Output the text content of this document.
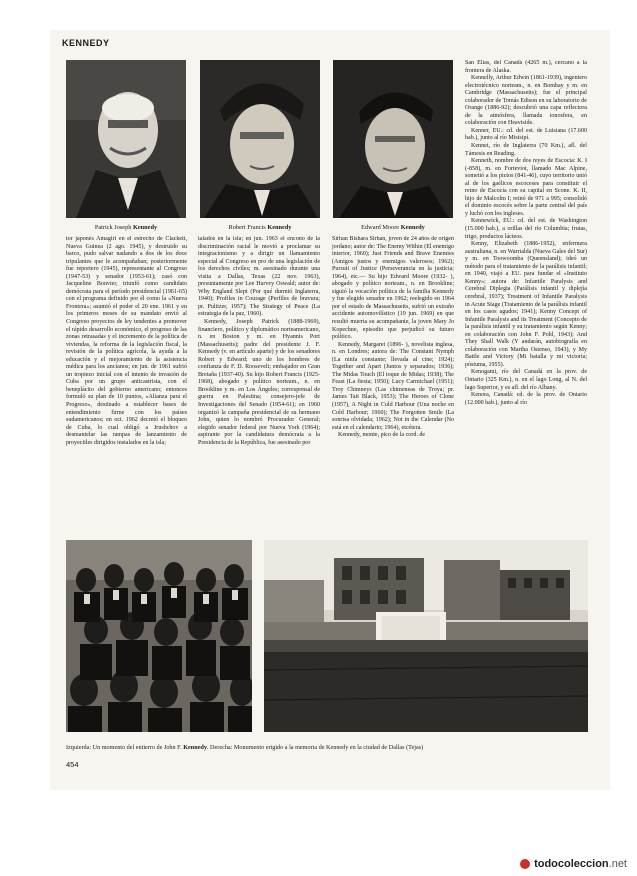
KENNEDY
Patrick Joseph Kennedy	Robert Francis Kennedy	Edward Moore Kennedy

tor japonés Amagiri en el estrecho de Clackett, Nueva Guinea (2 ago. 1945), y destruido su barco, pudo salvar nadando a dos de los doce tripulantes que le acompañaban; posteriormente fue reportero (1945), representante al Congreso (1947-53) y senador (1953-61); casó con Jacqueline Bouvier, triunfó como candidato demócrata para el período presidencial (1961-65) con el programa definido por él como la «Nueva Frontera»; asumió el poder el 20 ene. 1961 y en los primeros meses de su mandato envió al Congreso proyectos de ley tendentes a promover el rápido desarrollo económico, el progreso de las zonas retrasadas y el incremento de la política de viviendas, la reforma de la legislación fiscal, la revisión de la política agrícola, la ayuda a la educación y el mejoramiento de la asistencia médica para los ancianos; en jun. de 1961 sufrió un tropiezo inicial con el intento de invasión de Cuba por un grupo anticastrista, con el beneplácito del gobierno americano; entonces formuló su plan de 10 puntos, «Alianza para el Progreso», destinado a establecer bases de entendimiento firme con los países sudamericanos; en oct. 1962 decretó el bloqueo de Cuba, lo cual obligó a Jrushchov a desmantelar las rampas de lanzamiento de proyectiles dirigidos instalados en la isla;

talados en la isla; en jun. 1963 el encono de la discriminación racial le movió a proclamar su integracionismo y a dirigir un llamamiento especial al Congreso en pro de una legislación de los derechos civiles; m. asesinado durante una visita a Dallas, Texas (22 nov. 1963), presuntamente por Lee Harvey Oswald; autor de: Why England Slept (Por qué durmió Inglaterra, 1940); Profiles in Courage (Perfiles de bravura; pr. Pulitzer, 1957); The Strategy of Peace (La estrategia de la paz, 1960).

Kennedy, Joseph Patrick (1888-1969), financiero, político y diplomático norteamericano, n. en Boston y m. en Hyannis Port (Massachusetts); padre del presidente J. F. Kennedy (v. en artículo aparte) y de los senadores Robert y Edward; uno de los hombres de confianza de F. D. Roosevelt; embajador en Gran Bretaña (1937-40). Su hijo Robert Francis (1925-1968), abogado y político norteam., n. en Brookline y m. en Los Ángeles; corresponsal de guerra en Palestina; consejero-jefe de Investigaciones del Senado (1954-61); en 1960 organizó la campaña presidencial de su hermano John, quien lo nombró Procurador General; elegido senador federal por Nueva York (1964); aspirante por la candidatura demócrata a la Presidencia de la República, fue asesinado por

Sirhan Bishara Sirhan, joven de 24 años de origen jordano; autor de: The Enemy Within (El enemigo interior, 1960); Just Friends and Brave Enemies (Amigos justos y enemigos valerosos; 1962); Pursuit of Justice (Perseverancia en la justicia; 1964), etc.— Su hijo Edward Moore (1932- ), abogado y político norteam., n. en Brookline; siguió la vocación política de la familia Kennedy y fue elegido senador en 1962; reelegido en 1964 por el estado de Massachusetts, sufrió un extraño accidente automovilístico (19 jun. 1969) en que resultó muerta su acompañante, la joven Mary Jo Kopechne, episodio que perjudicó su futuro político.

Kennedy, Margaret (1896- ), novelista inglesa, n. en Londres; autora de: The Constant Nymph (La ninfa constante; llevada al cine; 1924); Together and Apart (Juntos y separados; 1936); The Midas Touch (El toque de Midas; 1938); The Feast (La fiesta; 1950); Lucy Carmichael (1951); Troy Chimneys (Las chimeneas de Troya; pr. James Tait Black, 1953); The Heroes of Clone (1957), A Night in Cold Harbour (Una noche en Cold Harbour; 1960); The Forgotten Smile (La sonrisa olvidada; 1962); Not in the Calendar (No está en el calendario; 1964), etcétera.

Kennedy, monte, pico de la cord. de

San Elías, del Canadá (4265 m.), cercano a la frontera de Alaska.

Kennelly, Arthur Edwin (1861-1939), ingeniero electrotécnico norteam., n. en Bombay y m. en Cambridge (Massachusetts); fue el principal colaborador de Tomás Edison en su laboratorio de Orange (1886-92); descubrió una capa reflectora de la atmósfera, llamada ionosfera, en colaboración con Heaviside.

Kenner, EU.: cd. del est. de Luisiana (17.600 hab.), junto al río Misisipí.

Kennet, río de Inglaterra (70 Km.), afl. del Támesis en Reading.

Kenneth, nombre de dos reyes de Escocia: K. I (-858), m. en Forteviot, llamado Mac Alpine, sometió a los pictos (841-46), cuyo territorio unió al de los gaélicos escoceses para constituir el reino de Escocia con su capital en Scone. K. II, hijo de Malcolm I; reinó de 971 a 995; consolidó el dominio escocés sobre la parte central del país y luchó con los ingleses.

Kennewick, EU.: cd. del est. de Washington (15.000 hab.), a orillas del río Columbia; frutas, trigo, productos lácteos.

Kenny, Elizabeth (1886-1952), enfermera australiana, n. en Warrialda (Nueva Gales del Sur) y m. en Toowoomba (Queensland); ideó un método para el tratamiento de la parálisis infantil; en 1940, viajó a EU. para fundar el «Instituto Kenny»; autora de: Infantile Paralysis and Cerebral Diplegia (Parálisis infantil y diplejía cerebral, 1937); Treatment of Infantile Paralysis in Acute Stage (Tratamiento de la parálisis infantil en los casos agudos; 1941); Kenny Concept of Infantile Paralysis and its Treatment (Concepto de la parálisis infantil y su tratamiento según Kenny; en colaboración con John F. Pohl, 1943); And They Shall Walk (Y andarán, autobiografía en colaboración con Martha Ostenso, 1943), y My Battle and Victory (Mi batalla y mi victoria; póstuma, 1955).

Kenogami, río del Canadá en la prov. de Ontario (325 Km.), n. en el lago Long, al N. del lago Superior, y es afl. del río Albany.

Kenora, Canadá: cd. de la prov. de Ontario (12.000 hab.), junto al río

Izquierda: Un momento del entierro de John F. Kennedy. Derecha: Monumento erigido a la memoria de Kennedy en la ciudad de Dallas (Tejas)
454
todocoleccion.net
